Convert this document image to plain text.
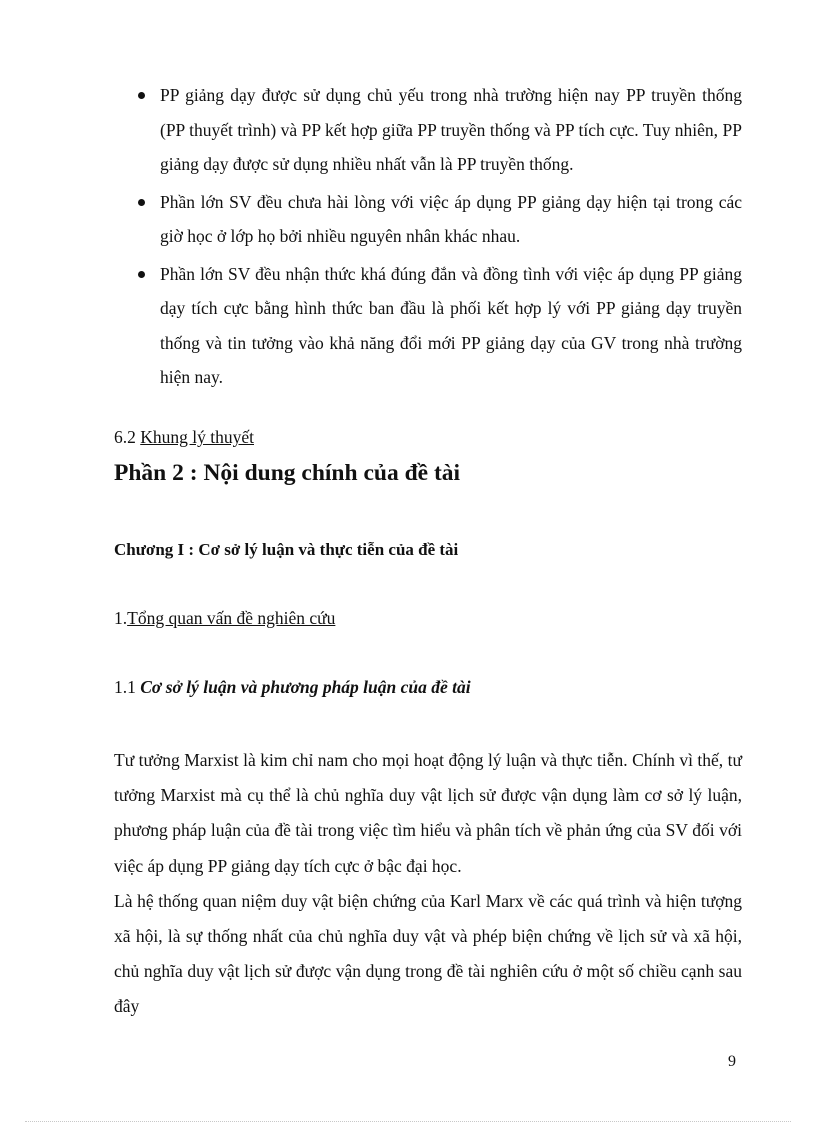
PP giảng dạy được sử dụng chủ yếu trong nhà trường hiện nay PP truyền thống (PP thuyết trình) và PP kết hợp giữa PP truyền thống và PP tích cực. Tuy nhiên, PP giảng dạy được sử dụng nhiều nhất vẫn là PP truyền thống.
Phần lớn SV đều chưa hài lòng với việc áp dụng PP giảng dạy hiện tại trong các giờ học ở lớp họ bởi nhiều nguyên nhân khác nhau.
Phần lớn SV đều nhận thức khá đúng đắn và đồng tình với việc áp dụng PP giảng dạy tích cực bằng hình thức ban đầu là phối kết hợp lý với PP giảng dạy truyền thống và tin tưởng vào khả năng đổi mới PP giảng dạy của GV trong nhà trường hiện nay.
6.2 Khung lý thuyết
Phần 2 : Nội dung chính của đề tài
Chương I : Cơ sở lý luận và thực tiễn của đề tài
1.Tổng quan vấn đề nghiên cứu
1.1 Cơ sở lý luận và phương pháp luận của đề tài

Tư tưởng Marxist là kim chỉ nam cho mọi hoạt động lý luận và thực tiễn. Chính vì thế, tư tưởng Marxist mà cụ thể là chủ nghĩa duy vật lịch sử được vận dụng làm cơ sở lý luận, phương pháp luận của đề tài trong việc tìm hiểu và phân tích về phản ứng của SV đối với việc áp dụng PP giảng dạy tích cực ở bậc đại học.

Là hệ thống quan niệm duy vật biện chứng của Karl Marx về các quá trình và hiện tượng xã hội, là sự thống nhất của chủ nghĩa duy vật và phép biện chứng về lịch sử và xã hội, chủ nghĩa duy vật lịch sử được vận dụng trong đề tài nghiên cứu ở một số chiều cạnh sau đây

9
